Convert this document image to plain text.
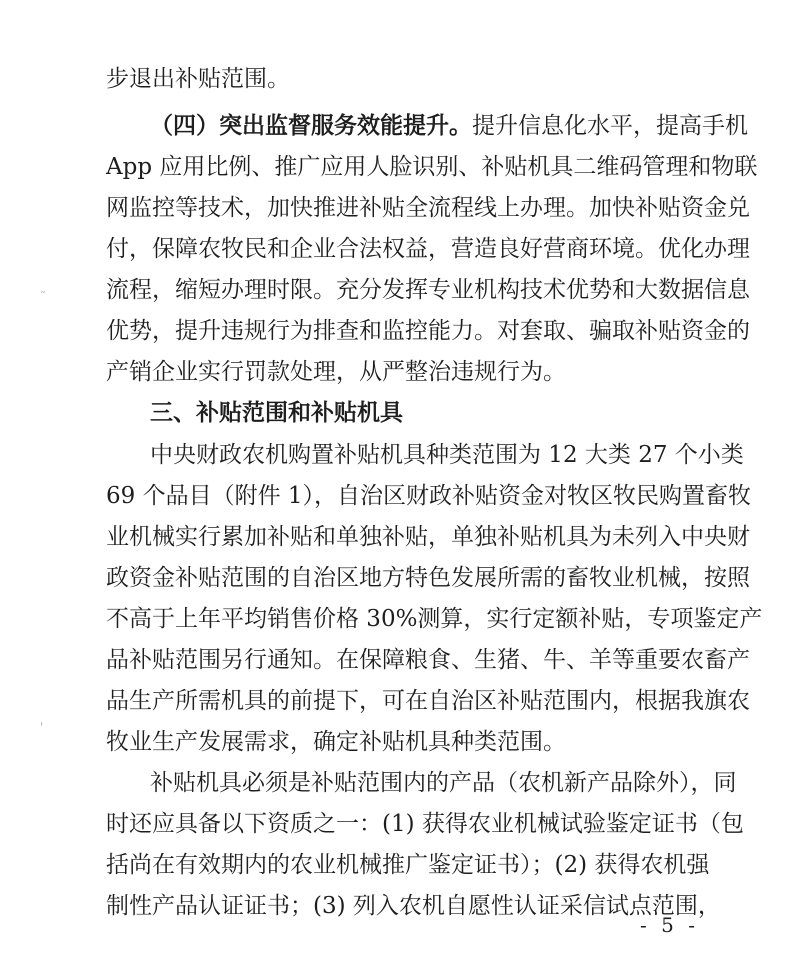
步退出补贴范围。
（四）突出监督服务效能提升。提升信息化水平，提高手机
App 应用比例、推广应用人脸识别、补贴机具二维码管理和物联
网监控等技术，加快推进补贴全流程线上办理。加快补贴资金兑
付，保障农牧民和企业合法权益，营造良好营商环境。优化办理
流程，缩短办理时限。充分发挥专业机构技术优势和大数据信息
优势，提升违规行为排查和监控能力。对套取、骗取补贴资金的
产销企业实行罚款处理，从严整治违规行为。
三、补贴范围和补贴机具
中央财政农机购置补贴机具种类范围为 12 大类 27 个小类
69 个品目（附件 1），自治区财政补贴资金对牧区牧民购置畜牧
业机械实行累加补贴和单独补贴，单独补贴机具为未列入中央财
政资金补贴范围的自治区地方特色发展所需的畜牧业机械，按照
不高于上年平均销售价格 30%测算，实行定额补贴，专项鉴定产
品补贴范围另行通知。在保障粮食、生猪、牛、羊等重要农畜产
品生产所需机具的前提下，可在自治区补贴范围内，根据我旗农
牧业生产发展需求，确定补贴机具种类范围。
补贴机具必须是补贴范围内的产品（农机新产品除外），同
时还应具备以下资质之一：(1) 获得农业机械试验鉴定证书（包
括尚在有效期内的农业机械推广鉴定证书）；(2) 获得农机强
制性产品认证证书；(3) 列入农机自愿性认证采信试点范围，
- 5 -
˜
'
